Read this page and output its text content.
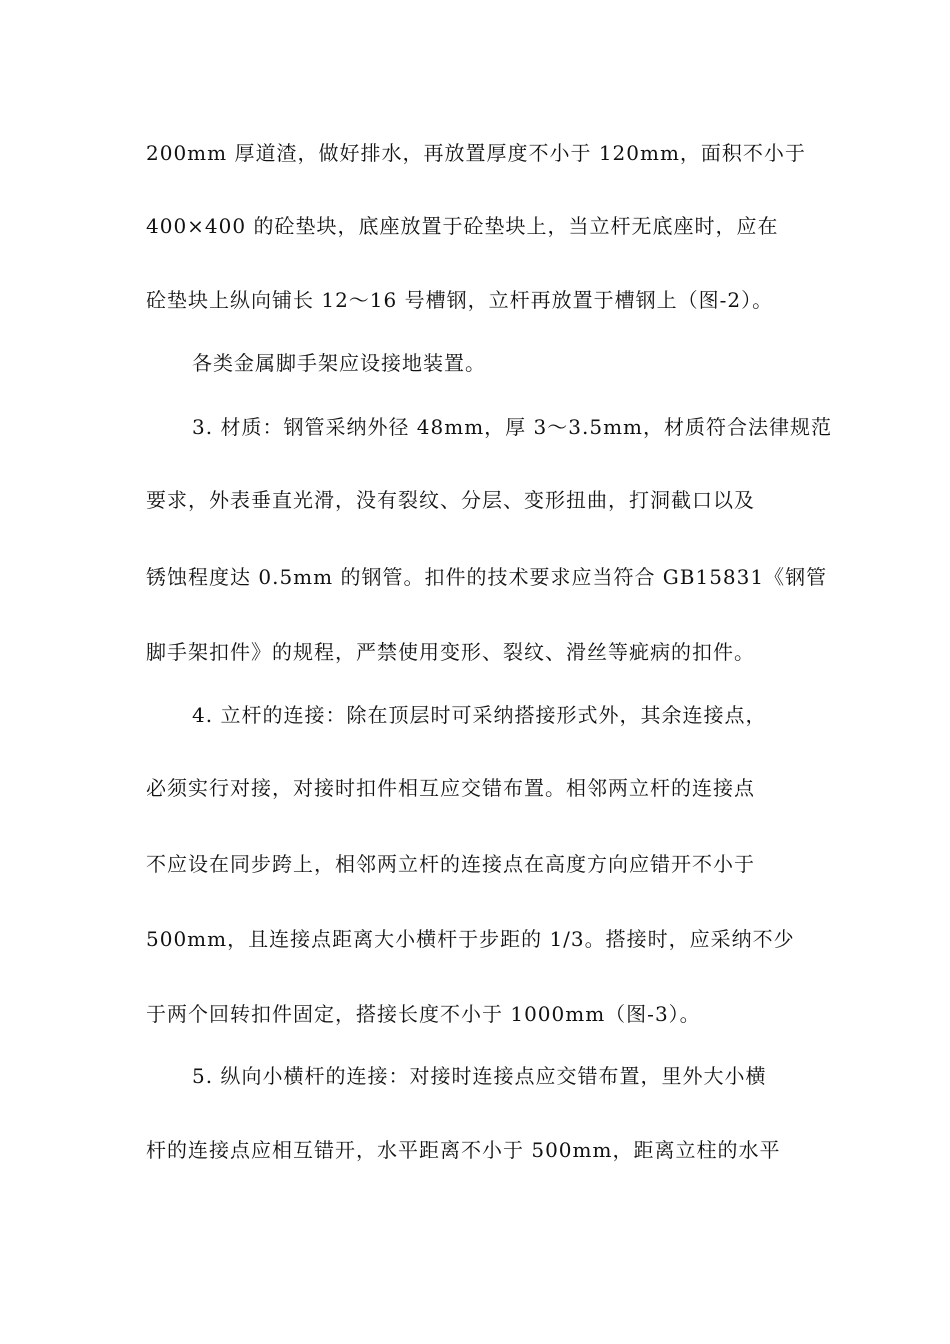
200mm 厚道渣，做好排水，再放置厚度不小于 120mm，面积不小于
400×400 的砼垫块，底座放置于砼垫块上，当立杆无底座时，应在
砼垫块上纵向铺长 12～16 号槽钢，立杆再放置于槽钢上（图-2）。
各类金属脚手架应设接地装置。
3. 材质：钢管采纳外径 48mm，厚 3～3.5mm，材质符合法律规范
要求，外表垂直光滑，没有裂纹、分层、变形扭曲，打洞截口以及
锈蚀程度达 0.5mm 的钢管。扣件的技术要求应当符合 GB15831《钢管
脚手架扣件》的规程，严禁使用变形、裂纹、滑丝等疵病的扣件。
4. 立杆的连接：除在顶层时可采纳搭接形式外，其余连接点，
必须实行对接，对接时扣件相互应交错布置。相邻两立杆的连接点
不应设在同步跨上，相邻两立杆的连接点在高度方向应错开不小于
500mm，且连接点距离大小横杆于步距的 1/3。搭接时，应采纳不少
于两个回转扣件固定，搭接长度不小于 1000mm（图-3）。
5. 纵向小横杆的连接：对接时连接点应交错布置，里外大小横
杆的连接点应相互错开，水平距离不小于 500mm，距离立柱的水平
